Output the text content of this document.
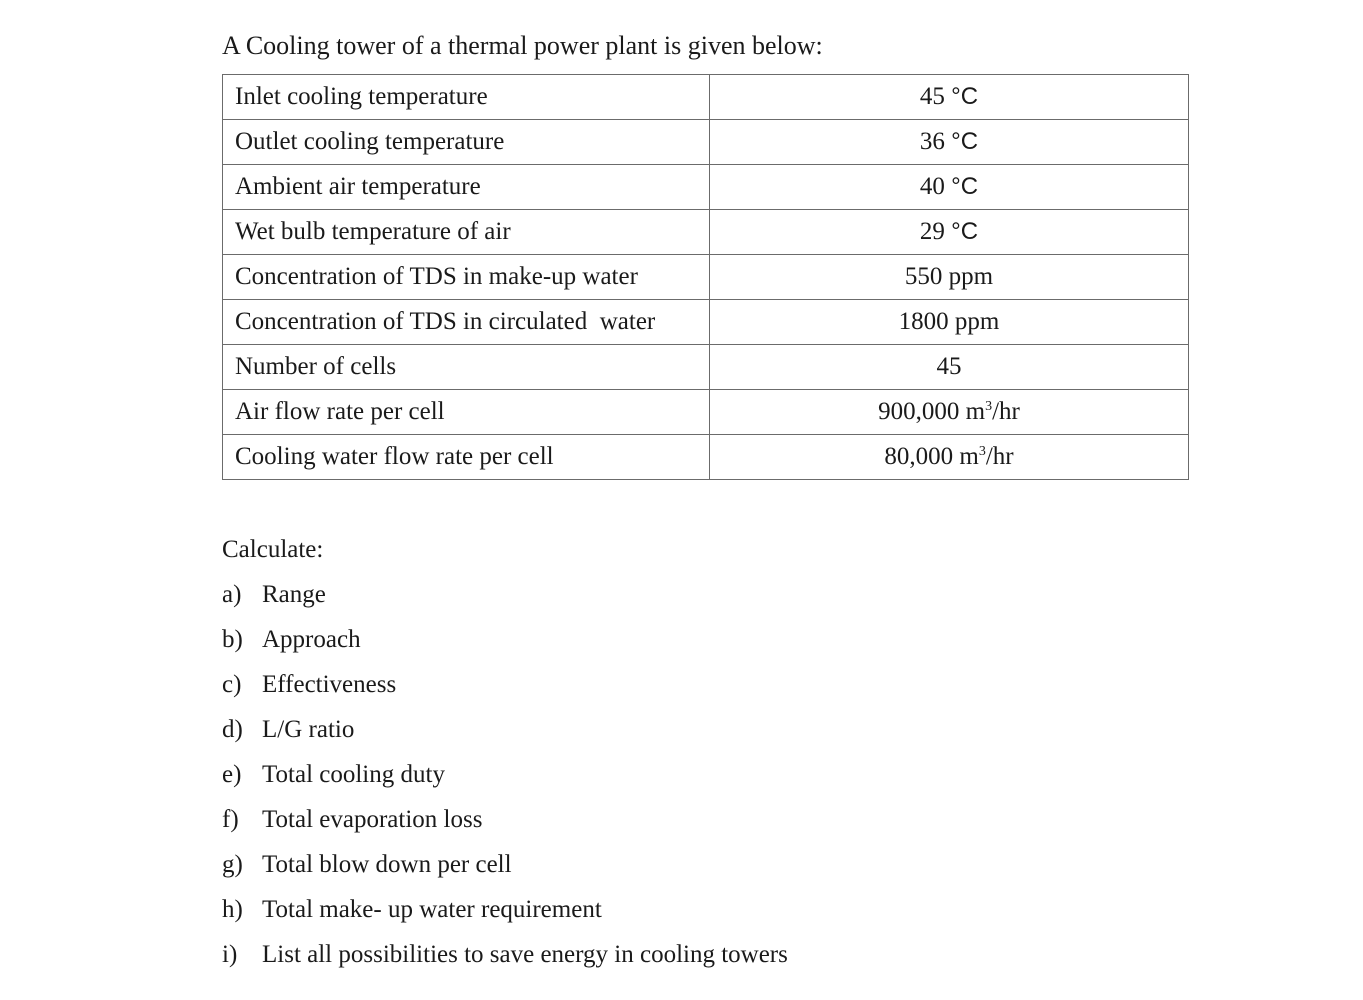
A Cooling tower of a thermal power plant is given below:
Inlet cooling temperature	45 °C
Outlet cooling temperature	36 °C
Ambient air temperature	40 °C
Wet bulb temperature of air	29 °C
Concentration of TDS in make-up water	550 ppm
Concentration of TDS in circulated  water	1800 ppm
Number of cells	45
Air flow rate per cell	900,000 $m^3/hr$
Cooling water flow rate per cell	80,000 $m^3/hr$
Calculate:
a) Range
b) Approach
c) Effectiveness
d) L/G ratio
e) Total cooling duty
f) Total evaporation loss
g) Total blow down per cell
h) Total make- up water requirement
i) List all possibilities to save energy in cooling towers
